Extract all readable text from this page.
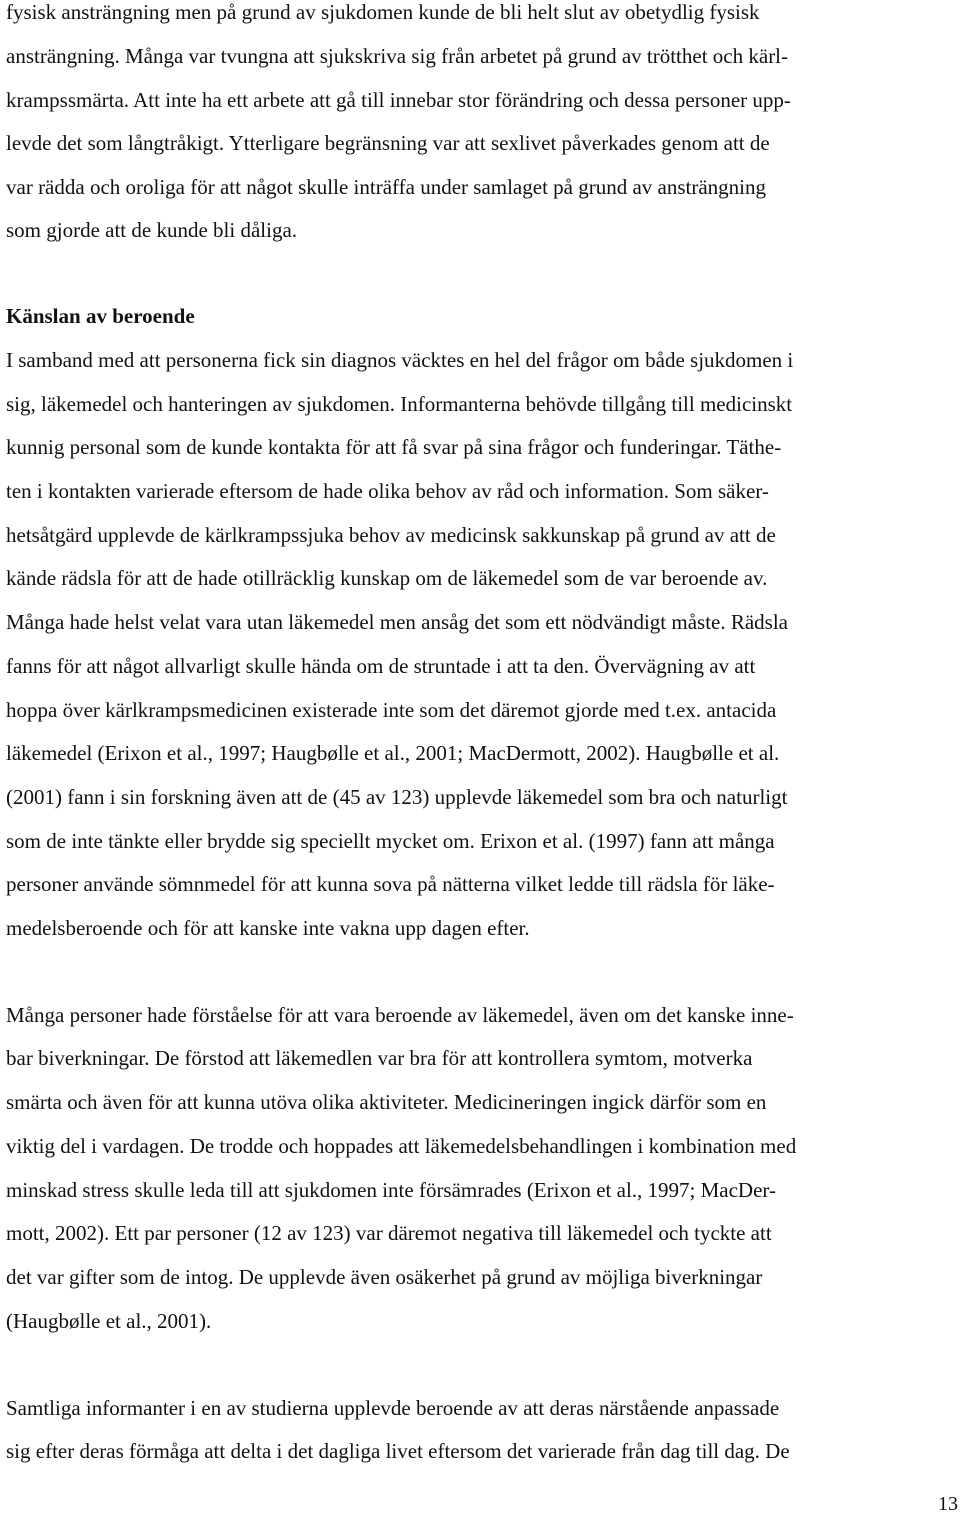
fysisk ansträngning men på grund av sjukdomen kunde de bli helt slut av obetydlig fysisk
ansträngning. Många var tvungna att sjukskriva sig från arbetet på grund av trötthet och kärl-
krampssmärta. Att inte ha ett arbete att gå till innebar stor förändring och dessa personer upp-
levde det som långtråkigt. Ytterligare begränsning var att sexlivet påverkades genom att de
var rädda och oroliga för att något skulle inträffa under samlaget på grund av ansträngning
som gjorde att de kunde bli dåliga.
Känslan av beroende
I samband med att personerna fick sin diagnos väcktes en hel del frågor om både sjukdomen i
sig, läkemedel och hanteringen av sjukdomen. Informanterna behövde tillgång till medicinskt
kunnig personal som de kunde kontakta för att få svar på sina frågor och funderingar. Täthe-
ten i kontakten varierade eftersom de hade olika behov av råd och information. Som säker-
hetsåtgärd upplevde de kärlkrampssjuka behov av medicinsk sakkunskap på grund av att de
kände rädsla för att de hade otillräcklig kunskap om de läkemedel som de var beroende av.
Många hade helst velat vara utan läkemedel men ansåg det som ett nödvändigt måste. Rädsla
fanns för att något allvarligt skulle hända om de struntade i att ta den. Övervägning av att
hoppa över kärlkrampsmedicinen existerade inte som det däremot gjorde med t.ex. antacida
läkemedel (Erixon et al., 1997; Haugbølle et al., 2001; MacDermott, 2002). Haugbølle et al.
(2001) fann i sin forskning även att de (45 av 123) upplevde läkemedel som bra och naturligt
som de inte tänkte eller brydde sig speciellt mycket om. Erixon et al. (1997) fann att många
personer använde sömnmedel för att kunna sova på nätterna vilket ledde till rädsla för läke-
medelsberoende och för att kanske inte vakna upp dagen efter.
Många personer hade förståelse för att vara beroende av läkemedel, även om det kanske inne-
bar biverkningar. De förstod att läkemedlen var bra för att kontrollera symtom, motverka
smärta och även för att kunna utöva olika aktiviteter. Medicineringen ingick därför som en
viktig del i vardagen. De trodde och hoppades att läkemedelsbehandlingen i kombination med
minskad stress skulle leda till att sjukdomen inte försämrades (Erixon et al., 1997; MacDer-
mott, 2002). Ett par personer (12 av 123) var däremot negativa till läkemedel och tyckte att
det var gifter som de intog. De upplevde även osäkerhet på grund av möjliga biverkningar
(Haugbølle et al., 2001).
Samtliga informanter i en av studierna upplevde beroende av att deras närstående anpassade
sig efter deras förmåga att delta i det dagliga livet eftersom det varierade från dag till dag. De
13
